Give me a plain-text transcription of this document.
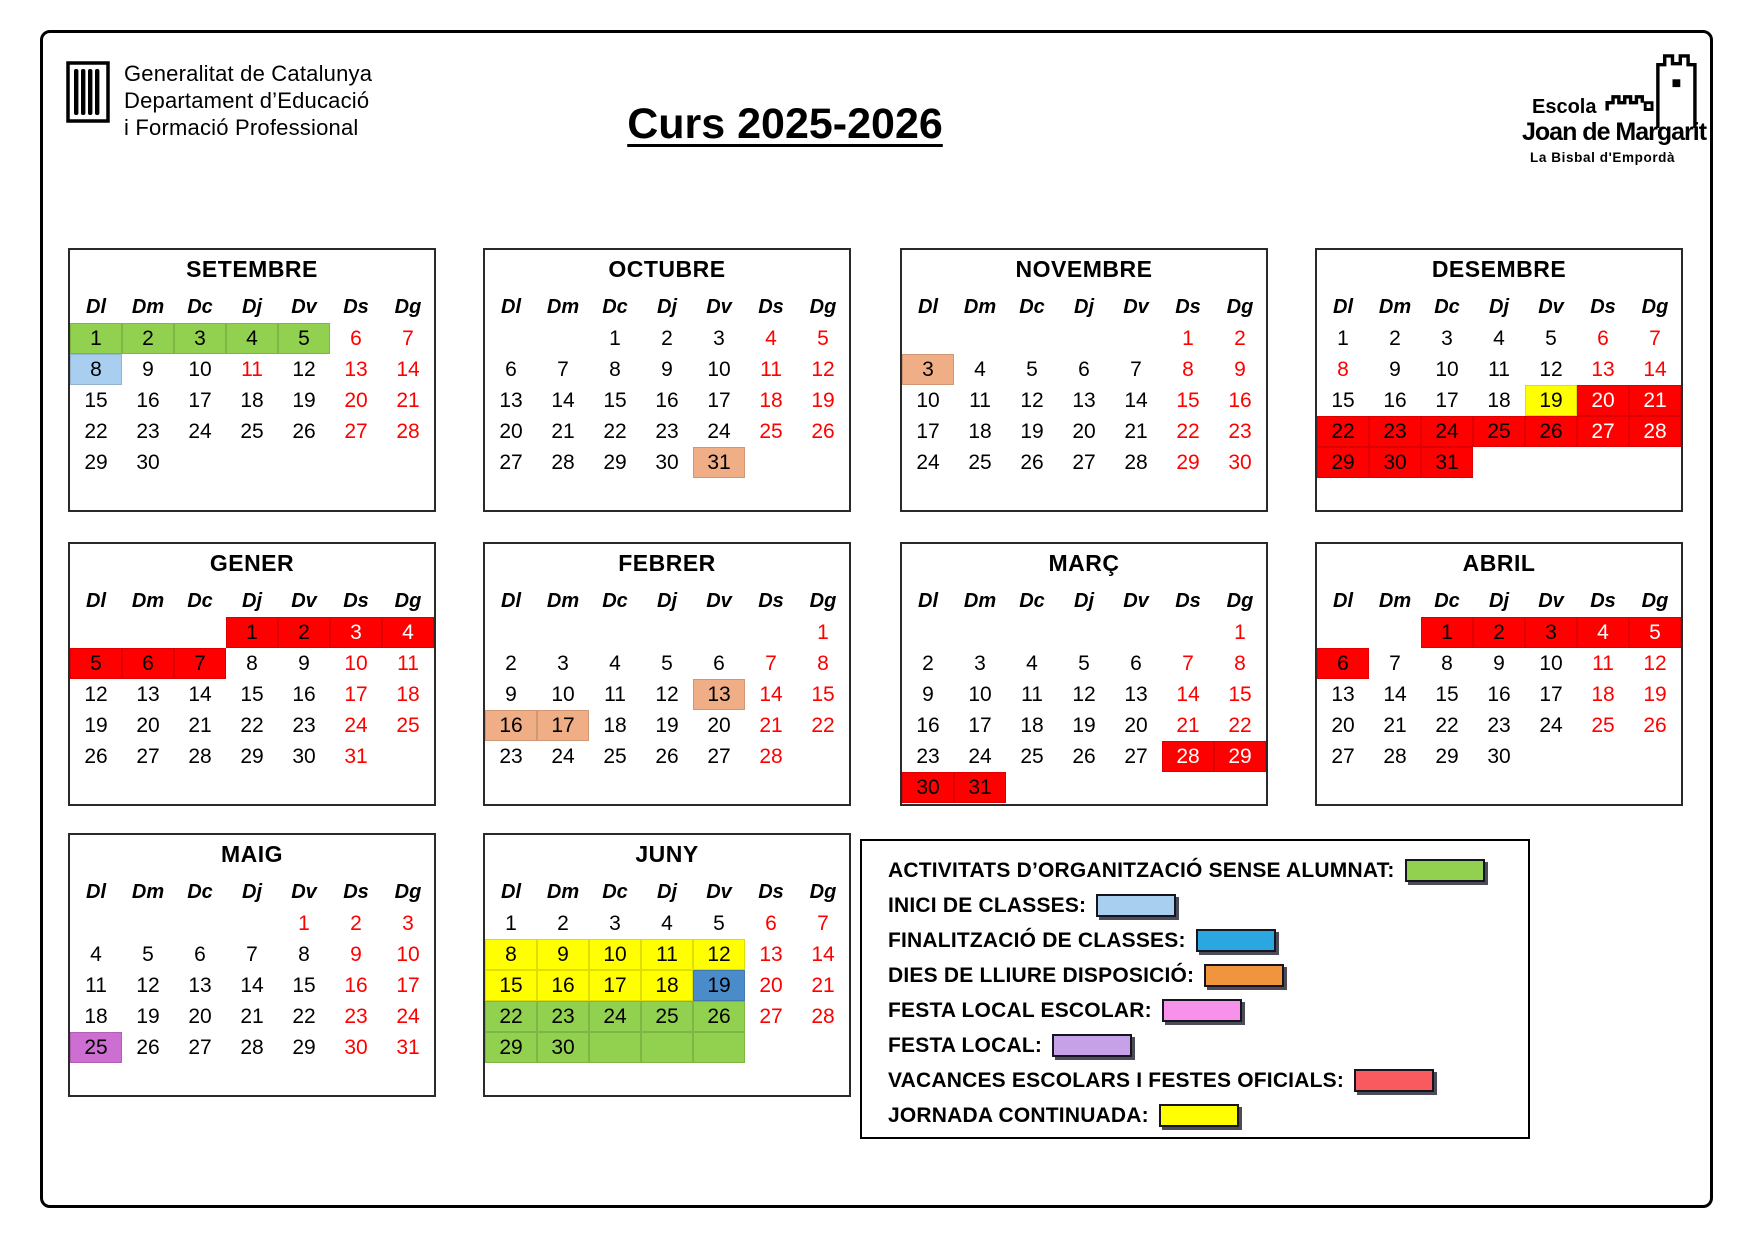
Generalitat de Catalunya
Departament d’Educació
i Formació Professional	Curs 2025-2026	Escola
Joan de Margarit
La Bisbal d'Empordà
SETEMBRE
Dl	Dm	Dc	Dj	Dv	Ds	Dg
1	2	3	4	5	6	7
8	9	10	11	12	13	14
15	16	17	18	19	20	21
22	23	24	25	26	27	28
29	30					
OCTUBRE
Dl	Dm	Dc	Dj	Dv	Ds	Dg
		1	2	3	4	5
6	7	8	9	10	11	12
13	14	15	16	17	18	19
20	21	22	23	24	25	26
27	28	29	30	31		
NOVEMBRE
Dl	Dm	Dc	Dj	Dv	Ds	Dg
					1	2
3	4	5	6	7	8	9
10	11	12	13	14	15	16
17	18	19	20	21	22	23
24	25	26	27	28	29	30
DESEMBRE
Dl	Dm	Dc	Dj	Dv	Ds	Dg
1	2	3	4	5	6	7
8	9	10	11	12	13	14
15	16	17	18	19	20	21
22	23	24	25	26	27	28
29	30	31				
GENER
Dl	Dm	Dc	Dj	Dv	Ds	Dg
			1	2	3	4
5	6	7	8	9	10	11
12	13	14	15	16	17	18
19	20	21	22	23	24	25
26	27	28	29	30	31	
FEBRER
Dl	Dm	Dc	Dj	Dv	Ds	Dg
						1
2	3	4	5	6	7	8
9	10	11	12	13	14	15
16	17	18	19	20	21	22
23	24	25	26	27	28	
MARÇ
Dl	Dm	Dc	Dj	Dv	Ds	Dg
						1
2	3	4	5	6	7	8
9	10	11	12	13	14	15
16	17	18	19	20	21	22
23	24	25	26	27	28	29
30	31					
ABRIL
Dl	Dm	Dc	Dj	Dv	Ds	Dg
		1	2	3	4	5
6	7	8	9	10	11	12
13	14	15	16	17	18	19
20	21	22	23	24	25	26
27	28	29	30			
MAIG
Dl	Dm	Dc	Dj	Dv	Ds	Dg
				1	2	3
4	5	6	7	8	9	10
11	12	13	14	15	16	17
18	19	20	21	22	23	24
25	26	27	28	29	30	31
JUNY
Dl	Dm	Dc	Dj	Dv	Ds	Dg
1	2	3	4	5	6	7
8	9	10	11	12	13	14
15	16	17	18	19	20	21
22	23	24	25	26	27	28
29	30					
ACTIVITATS D’ORGANITZACIÓ SENSE ALUMNAT:
INICI DE CLASSES:
FINALITZACIÓ DE CLASSES:
DIES DE LLIURE DISPOSICIÓ:
FESTA LOCAL ESCOLAR:
FESTA LOCAL:
VACANCES ESCOLARS I FESTES OFICIALS:
JORNADA CONTINUADA:
